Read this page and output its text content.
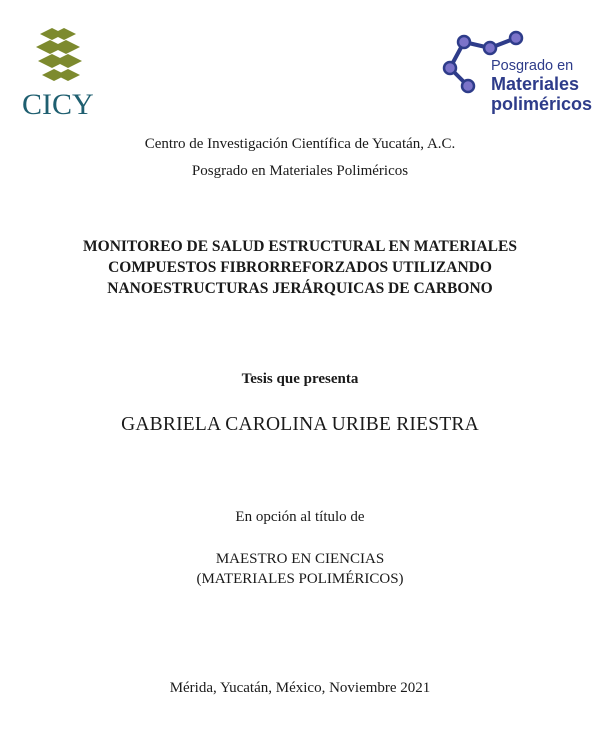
CICY
Posgrado en
Materiales
poliméricos
Centro de Investigación Científica de Yucatán, A.C.
Posgrado en Materiales Poliméricos
MONITOREO DE SALUD ESTRUCTURAL EN MATERIALES
COMPUESTOS FIBRORREFORZADOS UTILIZANDO
NANOESTRUCTURAS JERÁRQUICAS DE CARBONO
Tesis que presenta
GABRIELA CAROLINA URIBE RIESTRA
En opción al título de
MAESTRO EN CIENCIAS
(MATERIALES POLIMÉRICOS)
Mérida, Yucatán, México, Noviembre 2021
